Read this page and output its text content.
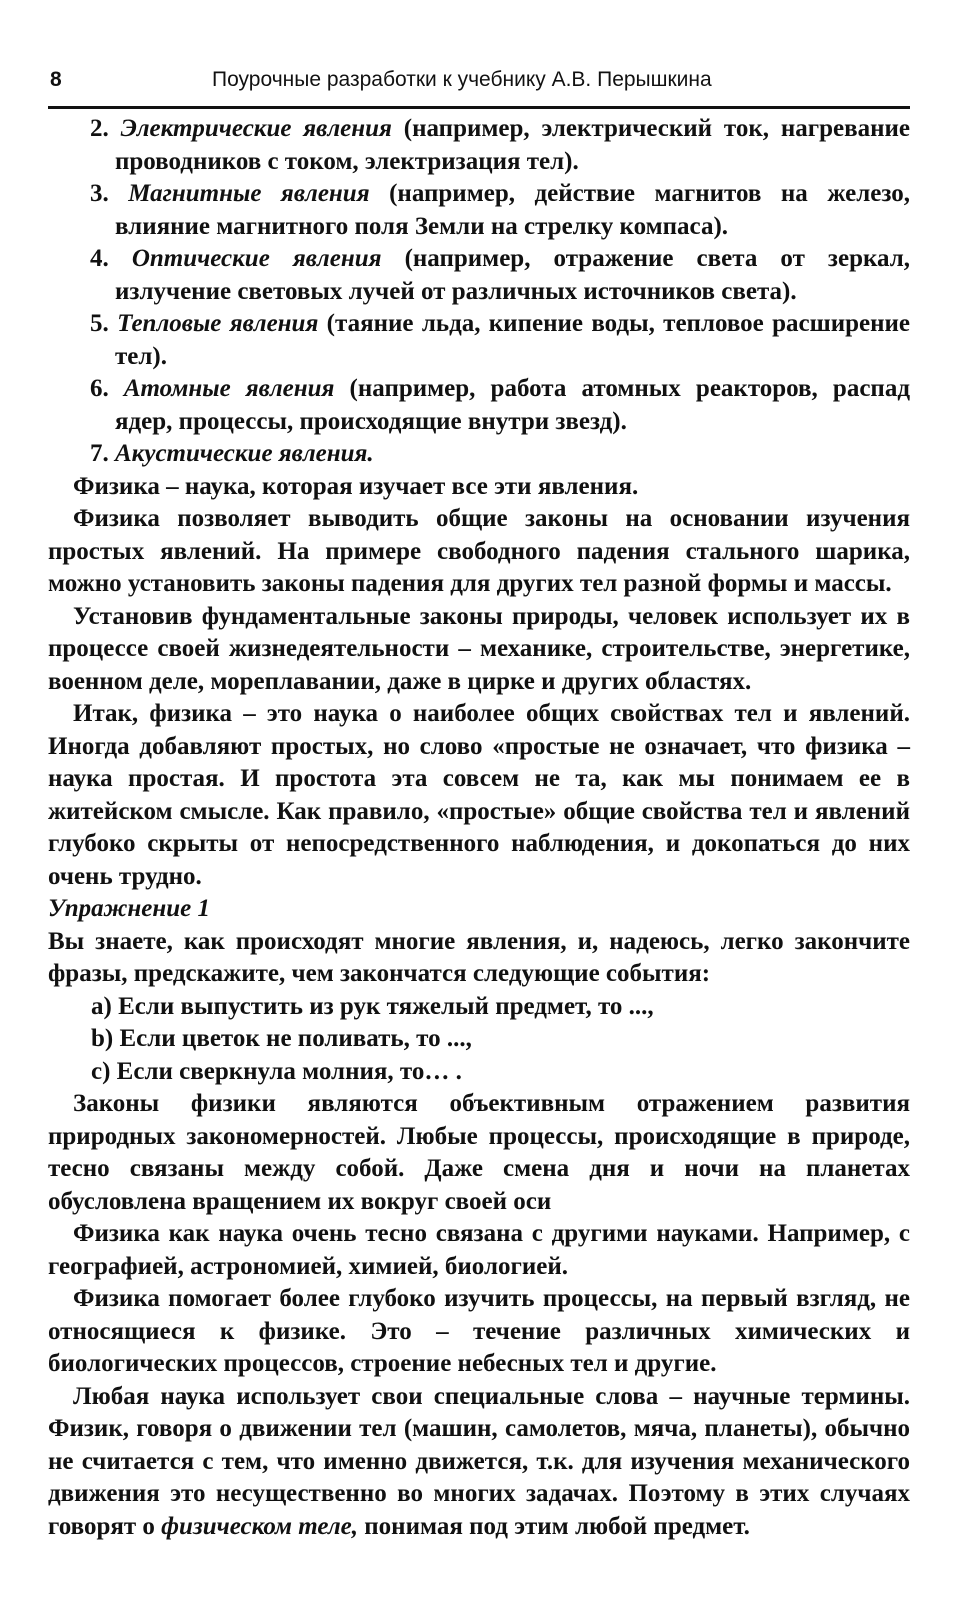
8	Поурочные разработки к учебнику А.В. Перышкина

2. Электрические явления (например, электрический ток, нагревание проводников с током, электризация тел).

3. Магнитные явления (например, действие магнитов на железо, влияние магнитного поля Земли на стрелку компаса).

4. Оптические явления (например, отражение света от зеркал, излучение световых лучей от различных источников света).

5. Тепловые явления (таяние льда, кипение воды, тепловое расширение тел).

6. Атомные явления (например, работа атомных реакторов, распад ядер, процессы, происходящие внутри звезд).

7. Акустические явления.

Физика – наука, которая изучает все эти явления.

Физика позволяет выводить общие законы на основании изучения простых явлений. На примере свободного падения стального шарика, можно установить законы падения для других тел разной формы и массы.

Установив фундаментальные законы природы, человек использует их в процессе своей жизнедеятельности – механике, строительстве, энергетике, военном деле, мореплавании, даже в цирке и других областях.

Итак, физика – это наука о наиболее общих свойствах тел и явлений. Иногда добавляют простых, но слово «простые не означает, что физика – наука простая. И простота эта совсем не та, как мы понимаем ее в житейском смысле. Как правило, «простые» общие свойства тел и явлений глубоко скрыты от непосредственного наблюдения, и докопаться до них очень трудно.

Упражнение 1

Вы знаете, как происходят многие явления, и, надеюсь, легко закончите фразы, предскажите, чем закончатся следующие события:

а) Если выпустить из рук тяжелый предмет, то ...,

b) Если цветок не поливать, то ...,

с) Если сверкнула молния, то… .

Законы физики являются объективным отражением развития природных закономерностей. Любые процессы, происходящие в природе, тесно связаны между собой. Даже смена дня и ночи на планетах обусловлена вращением их вокруг своей оси

Физика как наука очень тесно связана с другими науками. Например, с географией, астрономией, химией, биологией.

Физика помогает более глубоко изучить процессы, на первый взгляд, не относящиеся к физике. Это – течение различных химических и биологических процессов, строение небесных тел и другие.

Любая наука использует свои специальные слова – научные термины. Физик, говоря о движении тел (машин, самолетов, мяча, планеты), обычно не считается с тем, что именно движется, т.к. для изучения механического движения это несущественно во многих задачах. Поэтому в этих случаях говорят о физическом теле, понимая под этим любой предмет.
